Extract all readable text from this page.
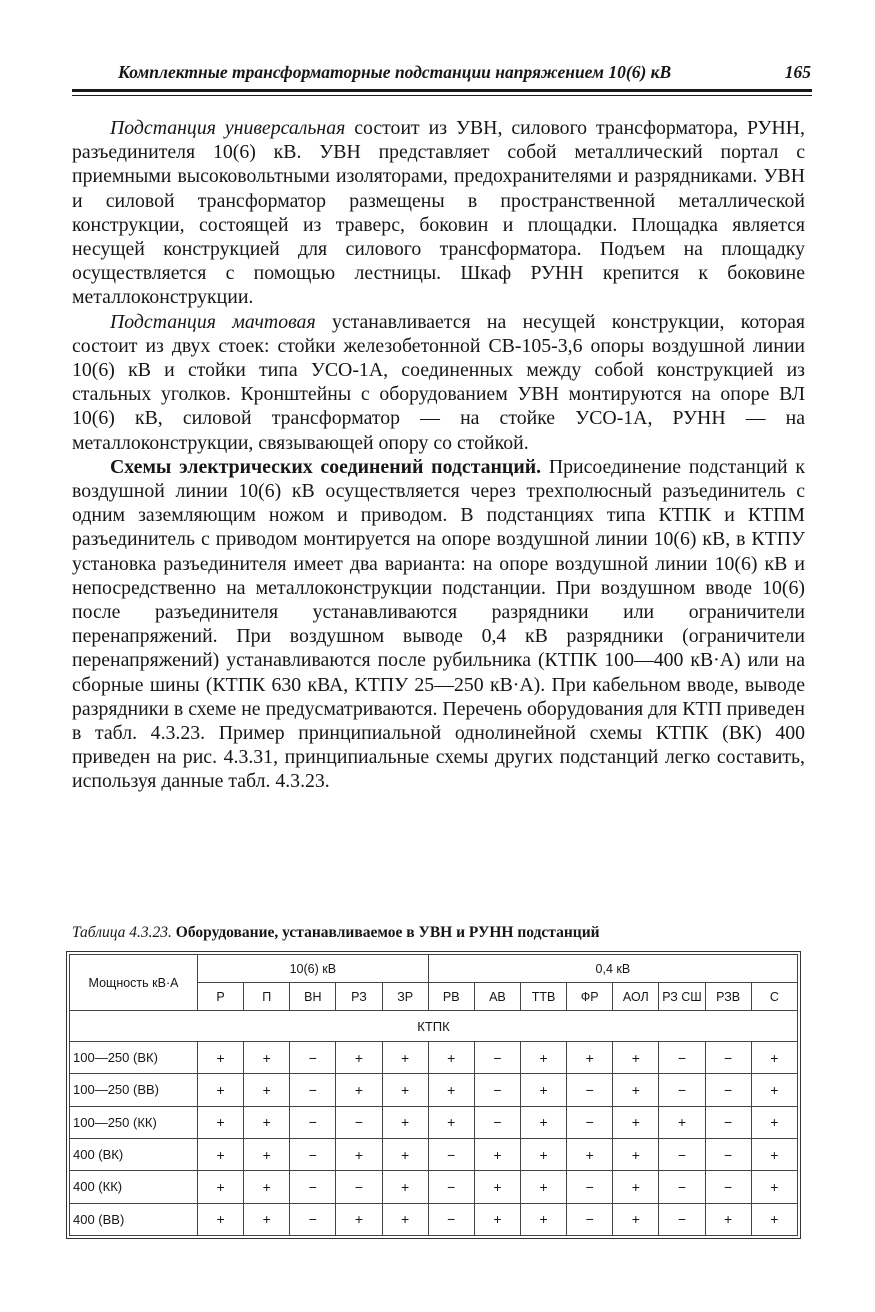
Комплектные трансформаторные подстанции напряжением 10(6) кВ	165

Подстанция универсальная состоит из УВН, силового трансформатора, РУНН, разъединителя 10(6) кВ. УВН представляет собой металлический портал с приемными высоковольтными изоляторами, предохранителями и разрядниками. УВН и силовой трансформатор размещены в пространственной металлической конструкции, состоящей из траверс, боковин и площадки. Площадка является несущей конструкцией для силового трансформатора. Подъем на площадку осуществляется с помощью лестницы. Шкаф РУНН крепится к боковине металлоконструкции.

Подстанция мачтовая устанавливается на несущей конструкции, которая состоит из двух стоек: стойки железобетонной СВ-105-3,6 опоры воздушной линии 10(6) кВ и стойки типа УСО-1А, соединенных между собой конструкцией из стальных уголков. Кронштейны с оборудованием УВН монтируются на опоре ВЛ 10(6) кВ, силовой трансформатор — на стойке УСО-1А, РУНН — на металлоконструкции, связывающей опору со стойкой.

Схемы электрических соединений подстанций. Присоединение подстанций к воздушной линии 10(6) кВ осуществляется через трехполюсный разъединитель с одним заземляющим ножом и приводом. В подстанциях типа КТПК и КТПМ разъединитель с приводом монтируется на опоре воздушной линии 10(6) кВ, в КТПУ установка разъединителя имеет два варианта: на опоре воздушной линии 10(6) кВ и непосредственно на металлоконструкции подстанции. При воздушном вводе 10(6) после разъединителя устанавливаются разрядники или ограничители перенапряжений. При воздушном выводе 0,4 кВ разрядники (ограничители перенапряжений) устанавливаются после рубильника (КТПК 100—400 кВ·А) или на сборные шины (КТПК 630 кВА, КТПУ 25—250 кВ·А). При кабельном вводе, выводе разрядники в схеме не предусматриваются. Перечень оборудования для КТП приведен в табл. 4.3.23. Пример принципиальной однолинейной схемы КТПК (ВК) 400 приведен на рис. 4.3.31, принципиальные схемы других подстанций легко составить, используя данные табл. 4.3.23.

Таблица 4.3.23. Оборудование, устанавливаемое в УВН и РУНН подстанций
Мощность кВ·А	10(6) кВ					0,4 кВ							
	Р	П	ВН	РЗ	ЗР	РВ	АВ	ТТВ	ФР	АОЛ	РЗ СШ	РЗВ	С
КТПК													
100—250 (ВК)	+	+	−	+	+	+	−	+	+	+	−	−	+
100—250 (ВВ)	+	+	−	+	+	+	−	+	−	+	−	−	+
100—250 (КК)	+	+	−	−	+	+	−	+	−	+	+	−	+
400 (ВК)	+	+	−	+	+	−	+	+	+	+	−	−	+
400 (КК)	+	+	−	−	+	−	+	+	−	+	−	−	+
400 (ВВ)	+	+	−	+	+	−	+	+	−	+	−	+	+
